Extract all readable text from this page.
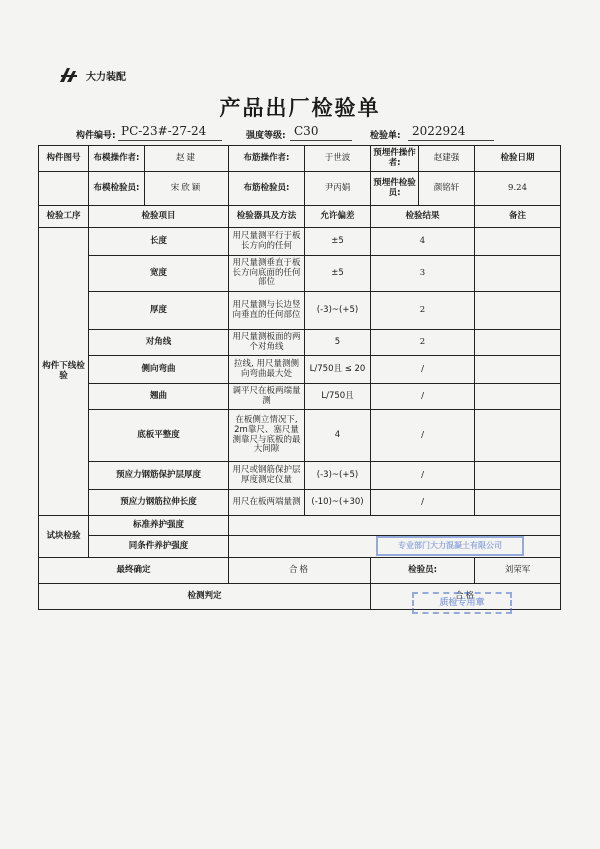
大力装配
产品出厂检验单
构件编号: PC-23#-27-24	强度等级: C30	检验单: 2022924
构件图号	布模操作者:	赵建	布筋操作者:	于世波	预埋件操作者:	赵建强	检验日期
	布模检验员:	宋欣颖	布筋检验员:	尹丙娟	预埋件检验员:	颜铭轩	9.24
检验工序	检验项目		检验器具及方法	允许偏差	检验结果		备注
构件下线检验	长度		用尺量测平行于板长方向的任何	±5	4		
	宽度		用尺量测垂直于板长方向底面的任何部位	±5	3		
	厚度		用尺量测与长边竖向垂直的任何部位	(-3)~(+5)	2		
	对角线		用尺量测板面的两个对角线	5	2		
	侧向弯曲		拉线, 用尺量测侧向弯曲最大处	L/750且 ≤ 20	/		
	翘曲		调平尺在板两端量测	L/750且	/		
	底板平整度		在板侧立情况下, 2m靠尺、塞尺量测靠尺与底板的最大间隙	4	/		
	预应力钢筋保护层厚度		用尺或钢筋保护层厚度测定仪量	(-3)~(+5)	/		
	预应力钢筋拉伸长度		用尺在板两端量测	(-10)~(+30)	/		
试块检验	标准养护强度						
	同条件养护强度						
最终确定			合格		检验员:		刘荣军
检测判定					合格		
专业部门大力混凝土有限公司
质检专用章
